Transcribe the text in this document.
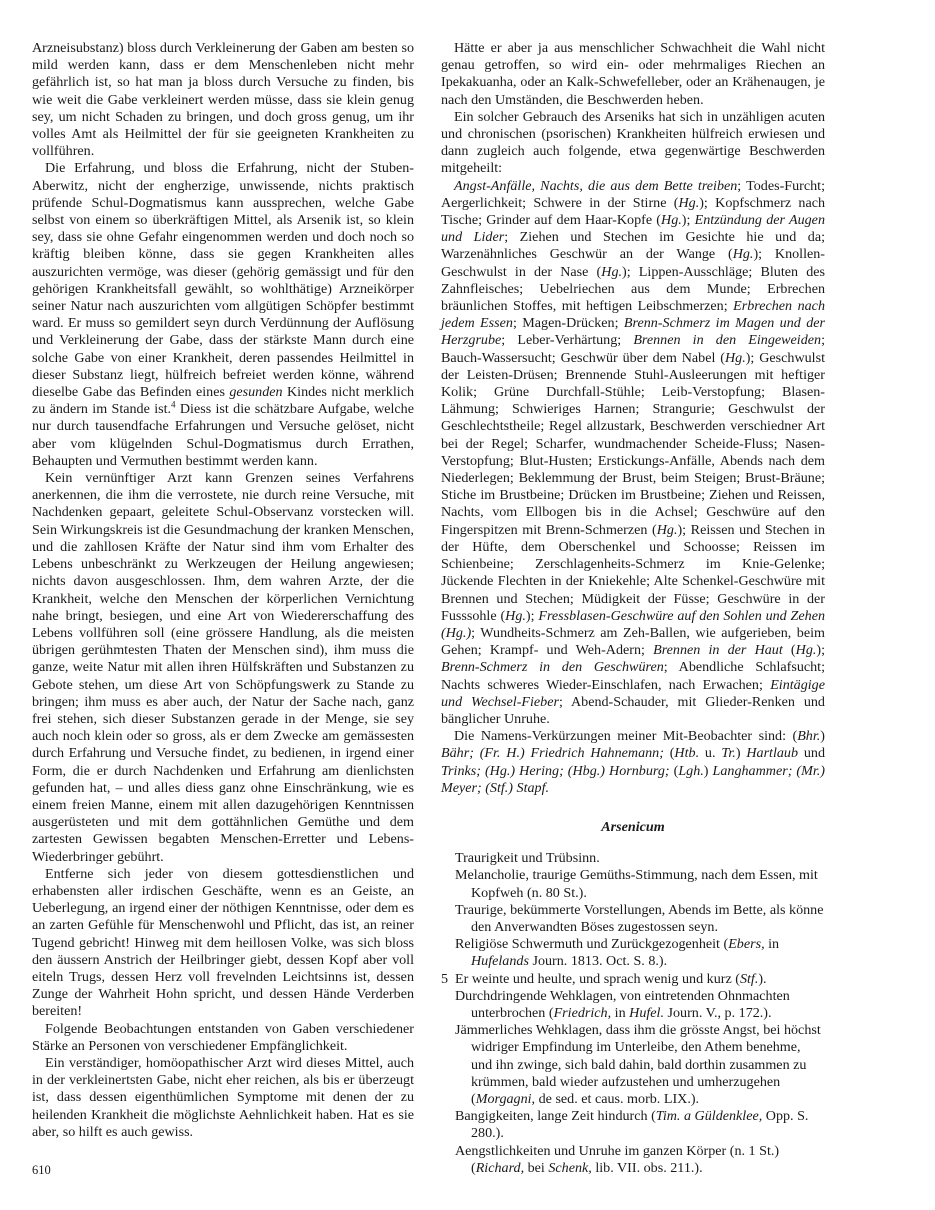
Arzneisubstanz) bloss durch Verkleinerung der Gaben am besten so mild werden kann, dass er dem Menschenleben nicht mehr gefährlich ist, so hat man ja bloss durch Versuche zu finden, bis wie weit die Gabe verkleinert werden müsse, dass sie klein genug sey, um nicht Schaden zu bringen, und doch gross genug, um ihr volles Amt als Heilmittel der für sie geeigneten Krankheiten zu vollführen.

Die Erfahrung, und bloss die Erfahrung, nicht der Stuben-Aberwitz, nicht der engherzige, unwissende, nichts praktisch prüfende Schul-Dogmatismus kann aussprechen, welche Gabe selbst von einem so überkräftigen Mittel, als Arsenik ist, so klein sey, dass sie ohne Gefahr eingenommen werden und doch noch so kräftig bleiben könne, dass sie gegen Krankheiten alles auszurichten vermöge, was dieser (gehörig gemässigt und für den gehörigen Krankheitsfall gewählt, so wohlthätige) Arzneikörper seiner Natur nach auszurichten vom allgütigen Schöpfer bestimmt ward. Er muss so gemildert seyn durch Verdünnung der Auflösung und Verkleinerung der Gabe, dass der stärkste Mann durch eine solche Gabe von einer Krankheit, deren passendes Heilmittel in dieser Substanz liegt, hülfreich befreiet werden könne, während dieselbe Gabe das Befinden eines gesunden Kindes nicht merklich zu ändern im Stande ist.$^4$ Diess ist die schätzbare Aufgabe, welche nur durch tausendfache Erfahrungen und Versuche gelöset, nicht aber vom klügelnden Schul-Dogmatismus durch Errathen, Behaupten und Vermuthen bestimmt werden kann.

Kein vernünftiger Arzt kann Grenzen seines Verfahrens anerkennen, die ihm die verrostete, nie durch reine Versuche, mit Nachdenken gepaart, geleitete Schul-Observanz vorstecken will. Sein Wirkungskreis ist die Gesundmachung der kranken Menschen, und die zahllosen Kräfte der Natur sind ihm vom Erhalter des Lebens unbeschränkt zu Werkzeugen der Heilung angewiesen; nichts davon ausgeschlossen. Ihm, dem wahren Arzte, der die Krankheit, welche den Menschen der körperlichen Vernichtung nahe bringt, besiegen, und eine Art von Wiedererschaffung des Lebens vollführen soll (eine grössere Handlung, als die meisten übrigen gerühmtesten Thaten der Menschen sind), ihm muss die ganze, weite Natur mit allen ihren Hülfskräften und Substanzen zu Gebote stehen, um diese Art von Schöpfungswerk zu Stande zu bringen; ihm muss es aber auch, der Natur der Sache nach, ganz frei stehen, sich dieser Substanzen gerade in der Menge, sie sey auch noch klein oder so gross, als er dem Zwecke am gemässesten durch Erfahrung und Versuche findet, zu bedienen, in irgend einer Form, die er durch Nachdenken und Erfahrung am dienlichsten gefunden hat, – und alles diess ganz ohne Einschränkung, wie es einem freien Manne, einem mit allen dazugehörigen Kenntnissen ausgerüsteten und mit dem gottähnlichen Gemüthe und dem zartesten Gewissen begabten Menschen-Erretter und Lebens-Wiederbringer gebührt.

Entferne sich jeder von diesem gottesdienstlichen und erhabensten aller irdischen Geschäfte, wenn es an Geiste, an Ueberlegung, an irgend einer der nöthigen Kenntnisse, oder dem es an zarten Gefühle für Menschenwohl und Pflicht, das ist, an reiner Tugend gebricht! Hinweg mit dem heillosen Volke, was sich bloss den äussern Anstrich der Heilbringer giebt, dessen Kopf aber voll eiteln Trugs, dessen Herz voll frevelnden Leichtsinns ist, dessen Zunge der Wahrheit Hohn spricht, und dessen Hände Verderben bereiten!

Folgende Beobachtungen entstanden von Gaben verschiedener Stärke an Personen von verschiedener Empfänglichkeit.

Ein verständiger, homöopathischer Arzt wird dieses Mittel, auch in der verkleinertsten Gabe, nicht eher reichen, als bis er überzeugt ist, dass dessen eigenthümlichen Symptome mit denen der zu heilenden Krankheit die möglichste Aehnlichkeit haben. Hat es sie aber, so hilft es auch gewiss.

Hätte er aber ja aus menschlicher Schwachheit die Wahl nicht genau getroffen, so wird ein- oder mehrmaliges Riechen an Ipekakuanha, oder an Kalk-Schwefelleber, oder an Krähenaugen, je nach den Umständen, die Beschwerden heben.

Ein solcher Gebrauch des Arseniks hat sich in unzähligen acuten und chronischen (psorischen) Krankheiten hülfreich erwiesen und dann zugleich auch folgende, etwa gegenwärtige Beschwerden mitgeheilt:

Angst-Anfälle, Nachts, die aus dem Bette treiben; Todes-Furcht; Aergerlichkeit; Schwere in der Stirne (Hg.); Kopfschmerz nach Tische; Grinder auf dem Haar-Kopfe (Hg.); Entzündung der Augen und Lider; Ziehen und Stechen im Gesichte hie und da; Warzenähnliches Geschwür an der Wange (Hg.); Knollen-Geschwulst in der Nase (Hg.); Lippen-Ausschläge; Bluten des Zahnfleisches; Uebelriechen aus dem Munde; Erbrechen bräunlichen Stoffes, mit heftigen Leibschmerzen; Erbrechen nach jedem Essen; Magen-Drücken; Brenn-Schmerz im Magen und der Herzgrube; Leber-Verhärtung; Brennen in den Eingeweiden; Bauch-Wassersucht; Geschwür über dem Nabel (Hg.); Geschwulst der Leisten-Drüsen; Brennende Stuhl-Ausleerungen mit heftiger Kolik; Grüne Durchfall-Stühle; Leib-Verstopfung; Blasen-Lähmung; Schwieriges Harnen; Strangurie; Geschwulst der Geschlechtstheile; Regel allzustark, Beschwerden verschiedner Art bei der Regel; Scharfer, wundmachender Scheide-Fluss; Nasen-Verstopfung; Blut-Husten; Erstickungs-Anfälle, Abends nach dem Niederlegen; Beklemmung der Brust, beim Steigen; Brust-Bräune; Stiche im Brustbeine; Drücken im Brustbeine; Ziehen und Reissen, Nachts, vom Ellbogen bis in die Achsel; Geschwüre auf den Fingerspitzen mit Brenn-Schmerzen (Hg.); Reissen und Stechen in der Hüfte, dem Oberschenkel und Schoosse; Reissen im Schienbeine; Zerschlagenheits-Schmerz im Knie-Gelenke; Jückende Flechten in der Kniekehle; Alte Schenkel-Geschwüre mit Brennen und Stechen; Müdigkeit der Füsse; Geschwüre in der Fusssohle (Hg.); Fressblasen-Geschwüre auf den Sohlen und Zehen (Hg.); Wundheits-Schmerz am Zeh-Ballen, wie aufgerieben, beim Gehen; Krampf- und Weh-Adern; Brennen in der Haut (Hg.); Brenn-Schmerz in den Geschwüren; Abendliche Schlafsucht; Nachts schweres Wieder-Einschlafen, nach Erwachen; Eintägige und Wechsel-Fieber; Abend-Schauder, mit Glieder-Renken und bänglicher Unruhe.

Die Namens-Verkürzungen meiner Mit-Beobachter sind: (Bhr.) Bähr; (Fr. H.) Friedrich Hahnemann; (Htb. u. Tr.) Hartlaub und Trinks; (Hg.) Hering; (Hbg.) Hornburg; (Lgh.) Langhammer; (Mr.) Meyer; (Stf.) Stapf.

Arsenicum
Traurigkeit und Trübsinn.
Melancholie, traurige Gemüths-Stimmung, nach dem Essen, mit Kopfweh (n. 80 St.).
Traurige, bekümmerte Vorstellungen, Abends im Bette, als könne den Anverwandten Böses zugestossen seyn.
Religiöse Schwermuth und Zurückgezogenheit (Ebers, in Hufelands Journ. 1813. Oct. S. 8.).
5 Er weinte und heulte, und sprach wenig und kurz (Stf.).
Durchdringende Wehklagen, von eintretenden Ohnmachten unterbrochen (Friedrich, in Hufel. Journ. V., p. 172.).
Jämmerliches Wehklagen, dass ihm die grösste Angst, bei höchst widriger Empfindung im Unterleibe, den Athem benehme, und ihn zwinge, sich bald dahin, bald dorthin zusammen zu krümmen, bald wieder aufzustehen und umherzugehen (Morgagni, de sed. et caus. morb. LIX.).
Bangigkeiten, lange Zeit hindurch (Tim. a Güldenklee, Opp. S. 280.).
Aengstlichkeiten und Unruhe im ganzen Körper (n. 1 St.) (Richard, bei Schenk, lib. VII. obs. 211.).
610
